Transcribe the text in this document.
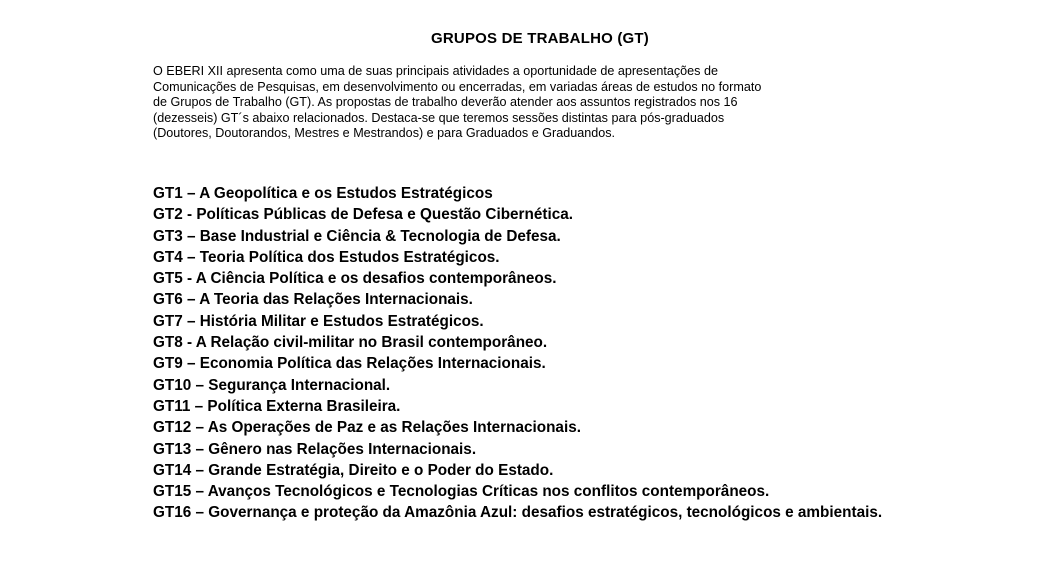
GRUPOS DE TRABALHO (GT)
O EBERI XII apresenta como uma de suas principais atividades a oportunidade de apresentações de
Comunicações de Pesquisas, em desenvolvimento ou encerradas, em variadas áreas de estudos no formato
de Grupos de Trabalho (GT). As propostas de trabalho deverão atender aos assuntos registrados nos 16
(dezesseis) GT´s abaixo relacionados. Destaca-se que teremos sessões distintas para pós-graduados
(Doutores, Doutorandos, Mestres e Mestrandos) e para Graduados e Graduandos.
GT1 – A Geopolítica e os Estudos Estratégicos
GT2 - Políticas Públicas de Defesa e Questão Cibernética.
GT3 – Base Industrial e Ciência & Tecnologia de Defesa.
GT4 – Teoria Política dos Estudos Estratégicos.
GT5 - A Ciência Política e os desafios contemporâneos.
GT6 – A Teoria das Relações Internacionais.
GT7 – História Militar e Estudos Estratégicos.
GT8 - A Relação civil-militar no Brasil contemporâneo.
GT9 – Economia Política das Relações Internacionais.
GT10 – Segurança Internacional.
GT11 – Política Externa Brasileira.
GT12 – As Operações de Paz e as Relações Internacionais.
GT13 – Gênero nas Relações Internacionais.
GT14 – Grande Estratégia, Direito e o Poder do Estado.
GT15 – Avanços Tecnológicos e Tecnologias Críticas nos conflitos contemporâneos.
GT16 – Governança e proteção da Amazônia Azul: desafios estratégicos, tecnológicos e ambientais.
